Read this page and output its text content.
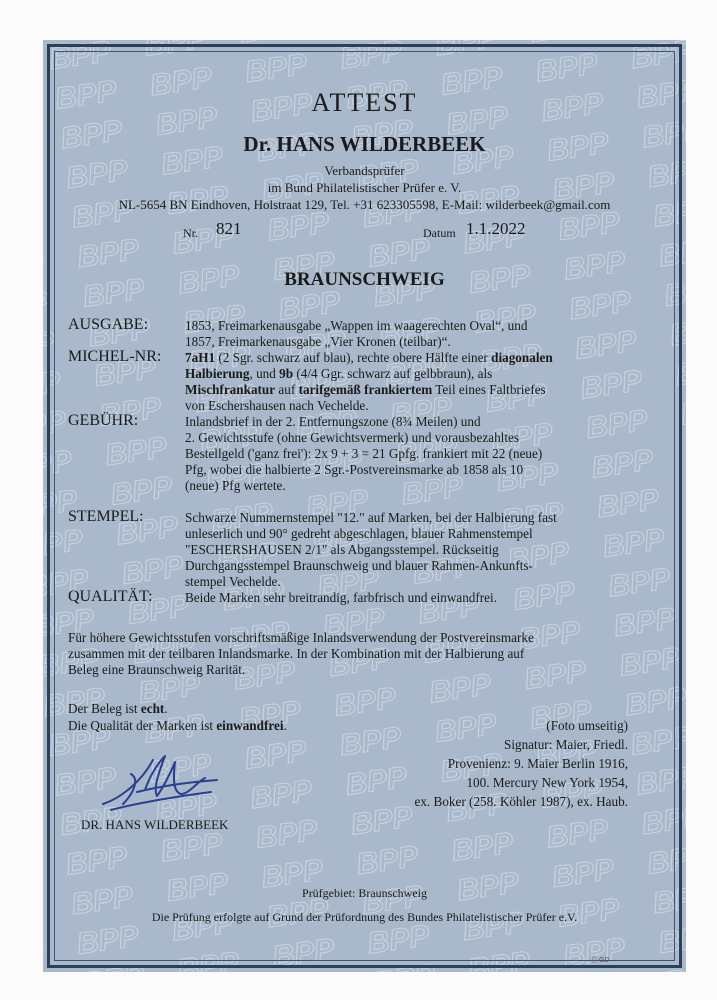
ATTEST
Dr. HANS WILDERBEEK
Verbandsprüfer
im Bund Philatelistischer Prüfer e. V.
NL-5654 BN Eindhoven, Holstraat 129, Tel. +31 623305598, E-Mail: wilderbeek@gmail.com
Nr. 821	Datum 1.1.2022
BRAUNSCHWEIG
AUSGABE:	1853, Freimarkenausgabe „Wappen im waagerechten Oval“, und
1857, Freimarkenausgabe „Vier Kronen (teilbar)“.
MICHEL-NR: 7aH1 (2 Sgr. schwarz auf blau), rechte obere Hälfte einer diagonalen
Halbierung, und 9b (4/4 Ggr. schwarz auf gelbbraun), als
Mischfrankatur auf tarifgemäß frankiertem Teil eines Faltbriefes
von Eschershausen nach Vechelde.
GEBÜHR:	Inlandsbrief in der 2. Entfernungszone (8¾ Meilen) und
2. Gewichtsstufe (ohne Gewichtsvermerk) und vorausbezahltes
Bestellgeld ('ganz frei'): 2x 9 + 3 = 21 Gpfg. frankiert mit 22 (neue)
Pfg, wobei die halbierte 2 Sgr.-Postvereinsmarke ab 1858 als 10
(neue) Pfg wertete.
STEMPEL:	Schwarze Nummernstempel "12." auf Marken, bei der Halbierung fast
unleserlich und 90° gedreht abgeschlagen, blauer Rahmenstempel
"ESCHERSHAUSEN 2/1" als Abgangsstempel. Rückseitig
Durchgangsstempel Braunschweig und blauer Rahmen-Ankunfts-
stempel Vechelde.
QUALITÄT: Beide Marken sehr breitrandig, farbfrisch und einwandfrei.
Für höhere Gewichtsstufen vorschriftsmäßige Inlandsverwendung der Postvereinsmarke
zusammen mit der teilbaren Inlandsmarke. In der Kombination mit der Halbierung auf
Beleg eine Braunschweig Rarität.
Der Beleg ist echt.
Die Qualität der Marken ist einwandfrei.	(Foto umseitig)
Signatur: Maier, Friedl.
Provenienz: 9. Maier Berlin 1916,
100. Mercury New York 1954,
ex. Boker (258. Köhler 1987), ex. Haub.
DR. HANS WILDERBEEK
Prüfgebiet: Braunschweig
Die Prüfung erfolgte auf Grund der Prüfordnung des Bundes Philatelistischer Prüfer e.V.
Ⓒ GD
